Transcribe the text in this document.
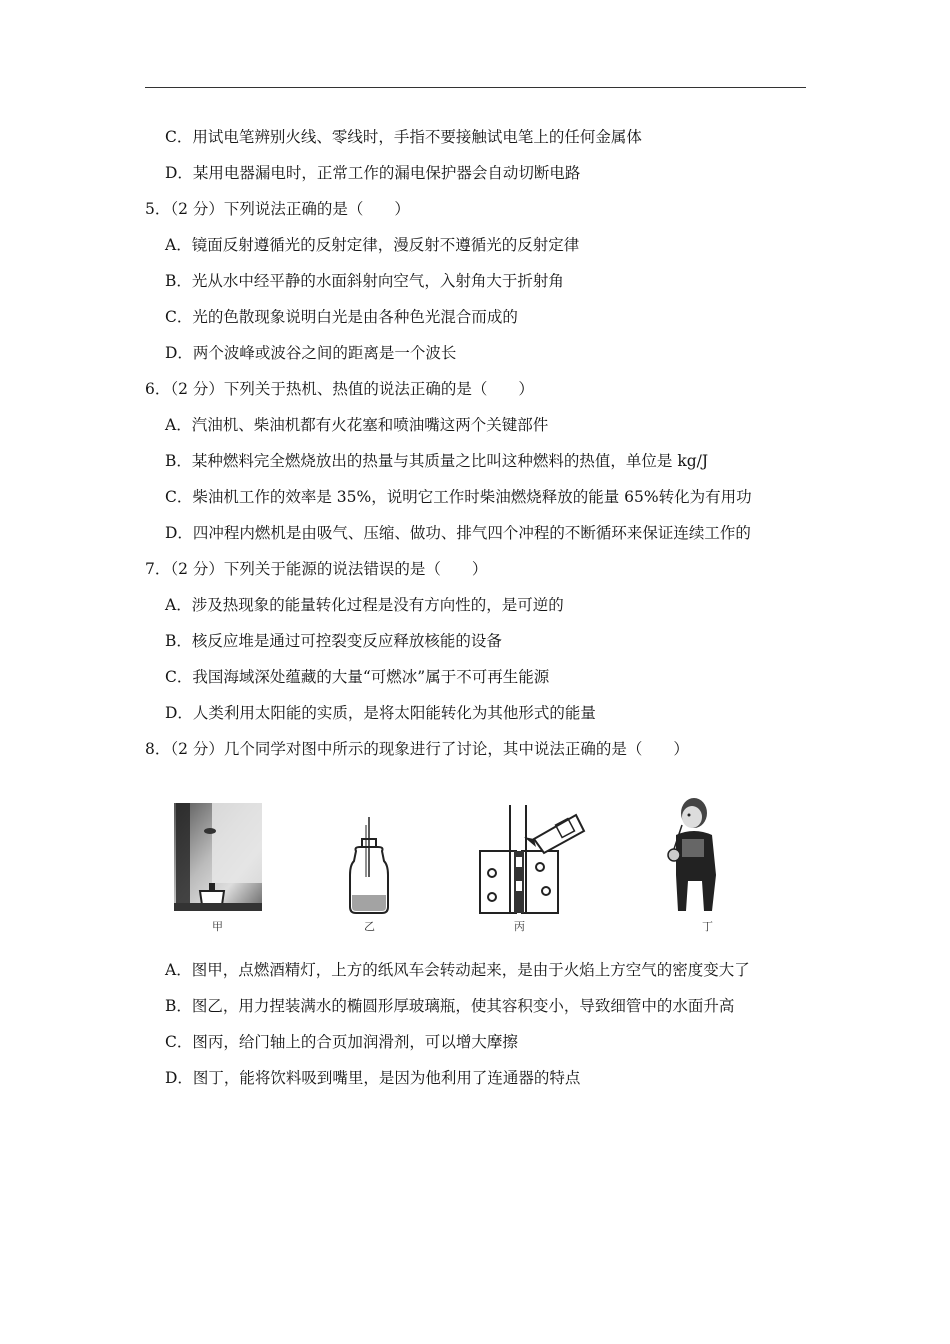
C．用试电笔辨别火线、零线时，手指不要接触试电笔上的任何金属体
D．某用电器漏电时，正常工作的漏电保护器会自动切断电路
5．（2 分）下列说法正确的是（　　）
A．镜面反射遵循光的反射定律，漫反射不遵循光的反射定律
B．光从水中经平静的水面斜射向空气，入射角大于折射角
C．光的色散现象说明白光是由各种色光混合而成的
D．两个波峰或波谷之间的距离是一个波长
6．（2 分）下列关于热机、热值的说法正确的是（　　）
A．汽油机、柴油机都有火花塞和喷油嘴这两个关键部件
B．某种燃料完全燃烧放出的热量与其质量之比叫这种燃料的热值，单位是 kg/J
C．柴油机工作的效率是 35%，说明它工作时柴油燃烧释放的能量 65%转化为有用功
D．四冲程内燃机是由吸气、压缩、做功、排气四个冲程的不断循环来保证连续工作的
7．（2 分）下列关于能源的说法错误的是（　　）
A．涉及热现象的能量转化过程是没有方向性的，是可逆的
B．核反应堆是通过可控裂变反应释放核能的设备
C．我国海域深处蕴藏的大量“可燃冰”属于不可再生能源
D．人类利用太阳能的实质，是将太阳能转化为其他形式的能量
8．（2 分）几个同学对图中所示的现象进行了讨论，其中说法正确的是（　　）
甲	乙	丙	丁
A．图甲，点燃酒精灯，上方的纸风车会转动起来，是由于火焰上方空气的密度变大了
B．图乙，用力捏装满水的椭圆形厚玻璃瓶，使其容积变小，导致细管中的水面升高
C．图丙，给门轴上的合页加润滑剂，可以增大摩擦
D．图丁，能将饮料吸到嘴里，是因为他利用了连通器的特点
